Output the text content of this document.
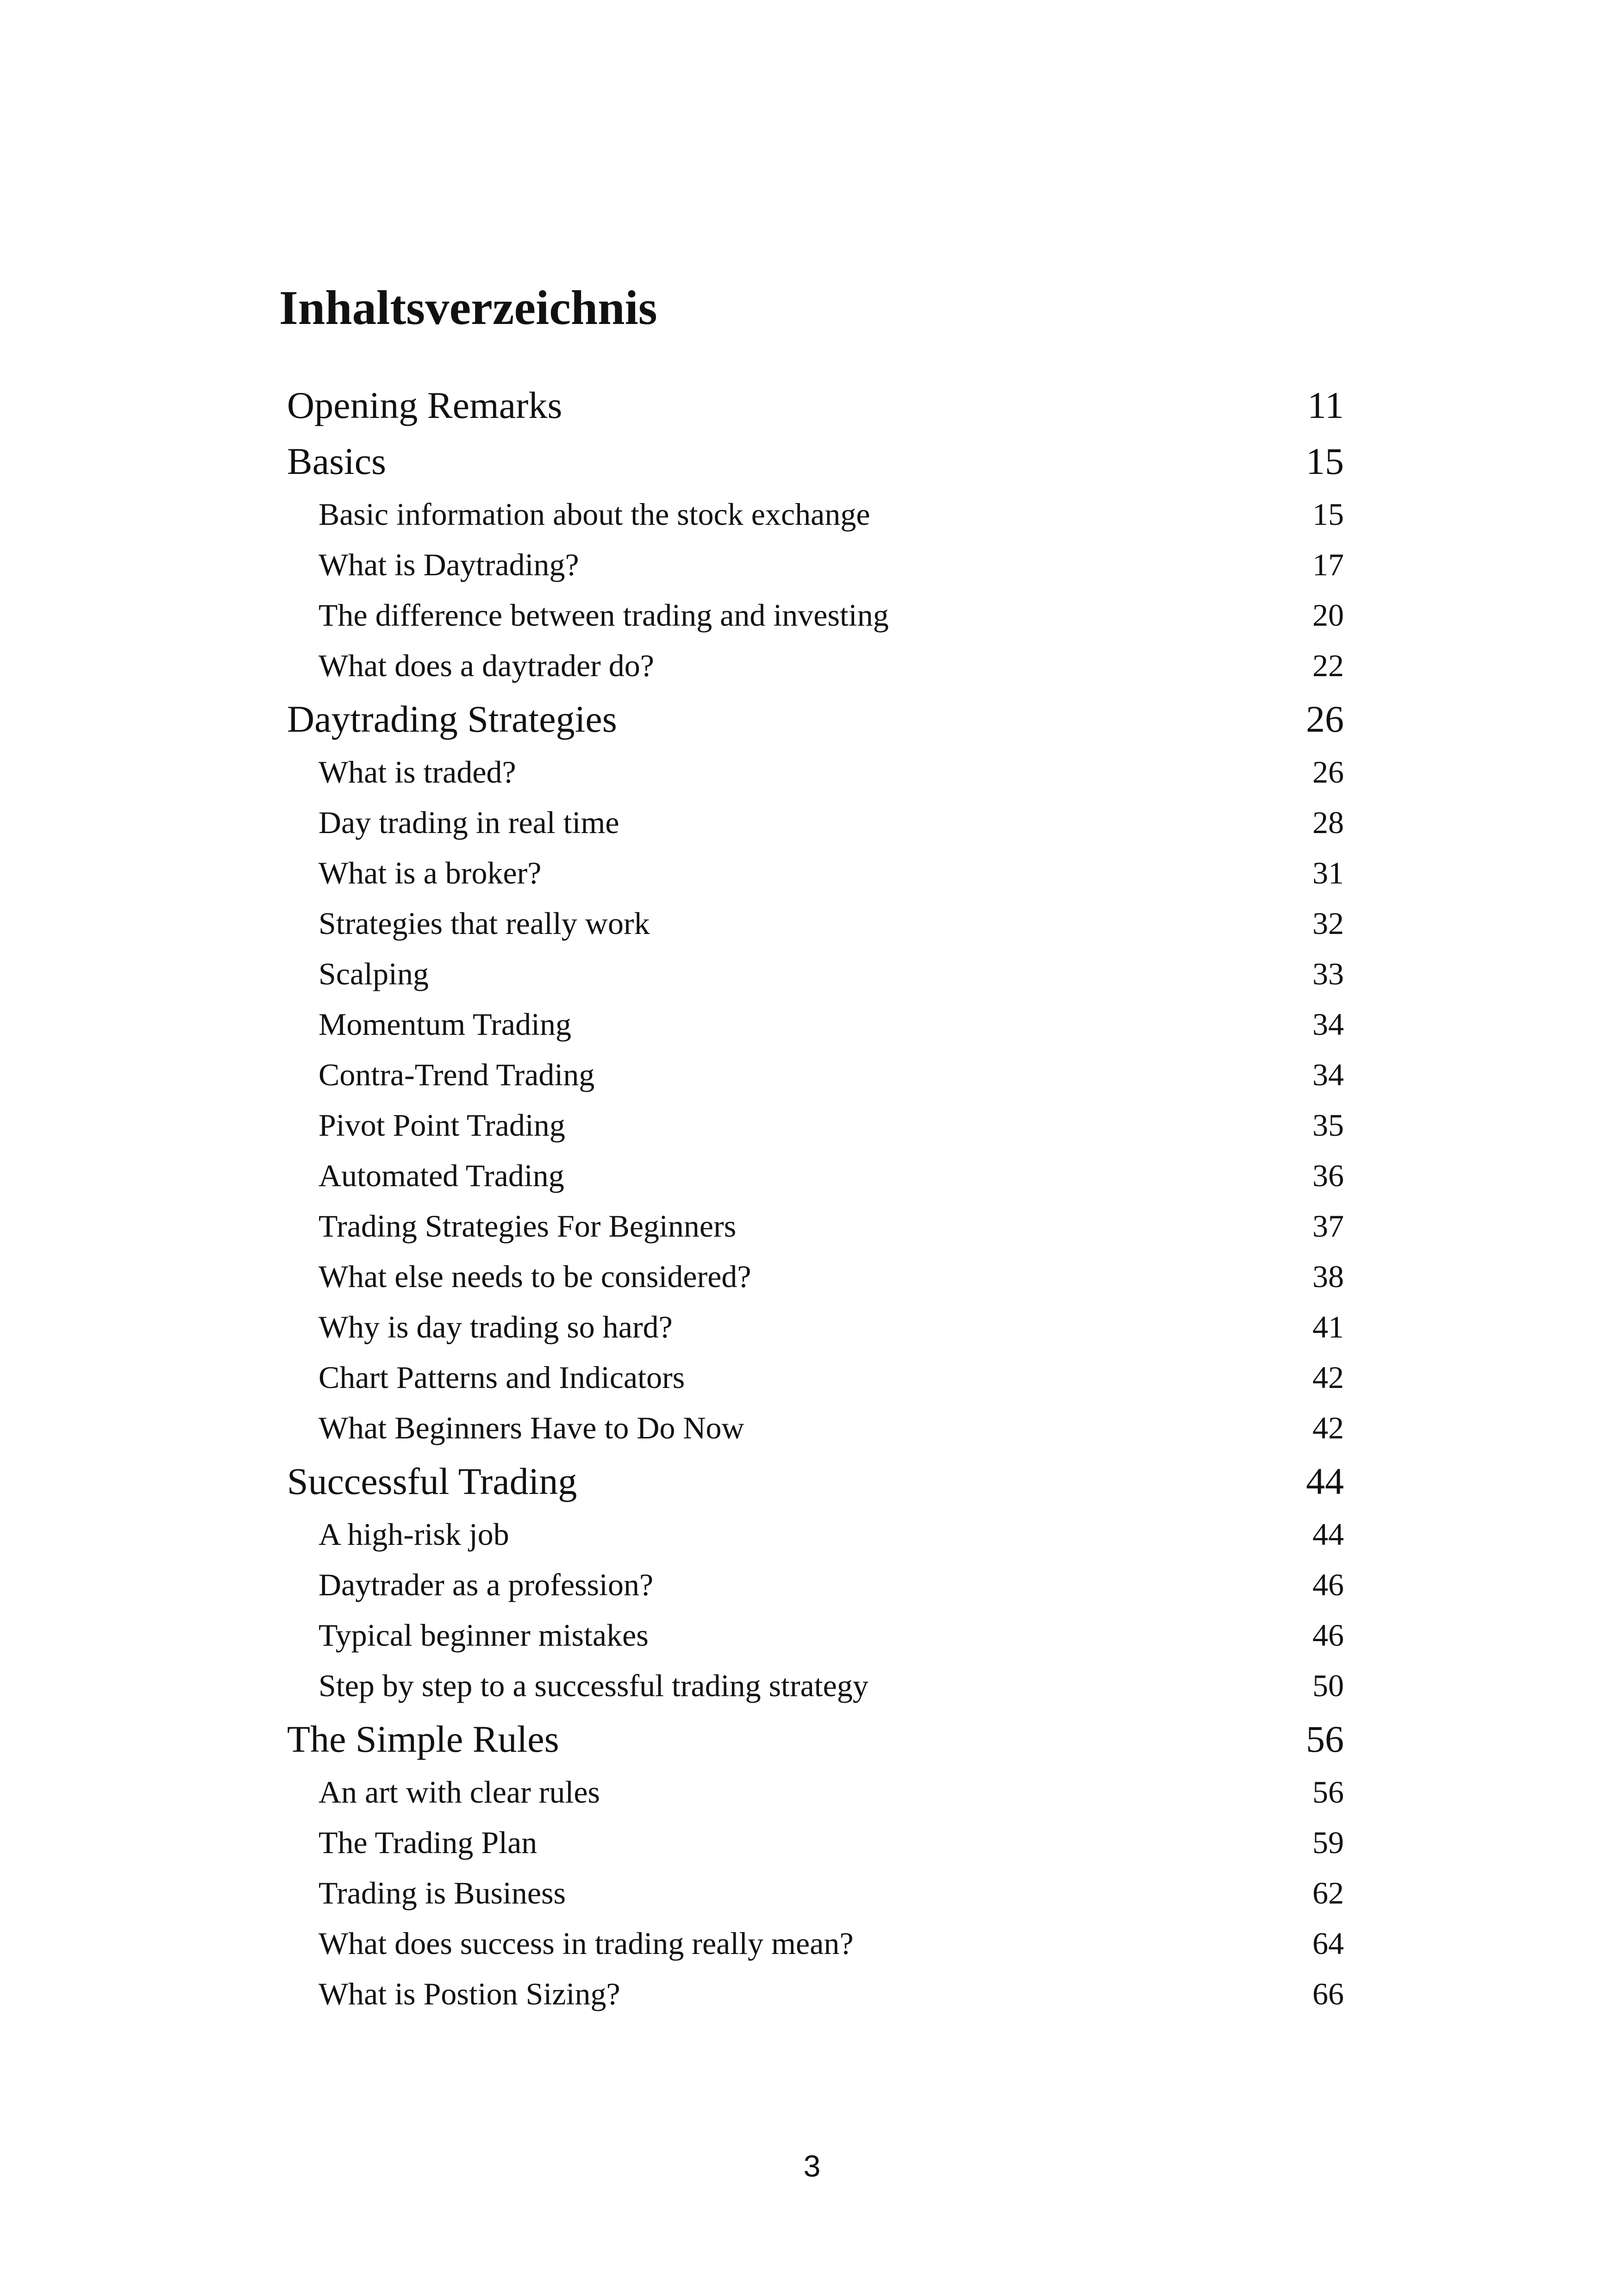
Inhaltsverzeichnis
Opening Remarks	11
Basics	15
Basic information about the stock exchange	15
What is Daytrading?	17
The difference between trading and investing	20
What does a daytrader do?	22
Daytrading Strategies	26
What is traded?	26
Day trading in real time	28
What is a broker?	31
Strategies that really work	32
Scalping	33
Momentum Trading	34
Contra-Trend Trading	34
Pivot Point Trading	35
Automated Trading	36
Trading Strategies For Beginners	37
What else needs to be considered?	38
Why is day trading so hard?	41
Chart Patterns and Indicators	42
What Beginners Have to Do Now	42
Successful Trading	44
A high-risk job	44
Daytrader as a profession?	46
Typical beginner mistakes	46
Step by step to a successful trading strategy	50
The Simple Rules	56
An art with clear rules	56
The Trading Plan	59
Trading is Business	62
What does success in trading really mean?	64
What is Postion Sizing?	66
3
